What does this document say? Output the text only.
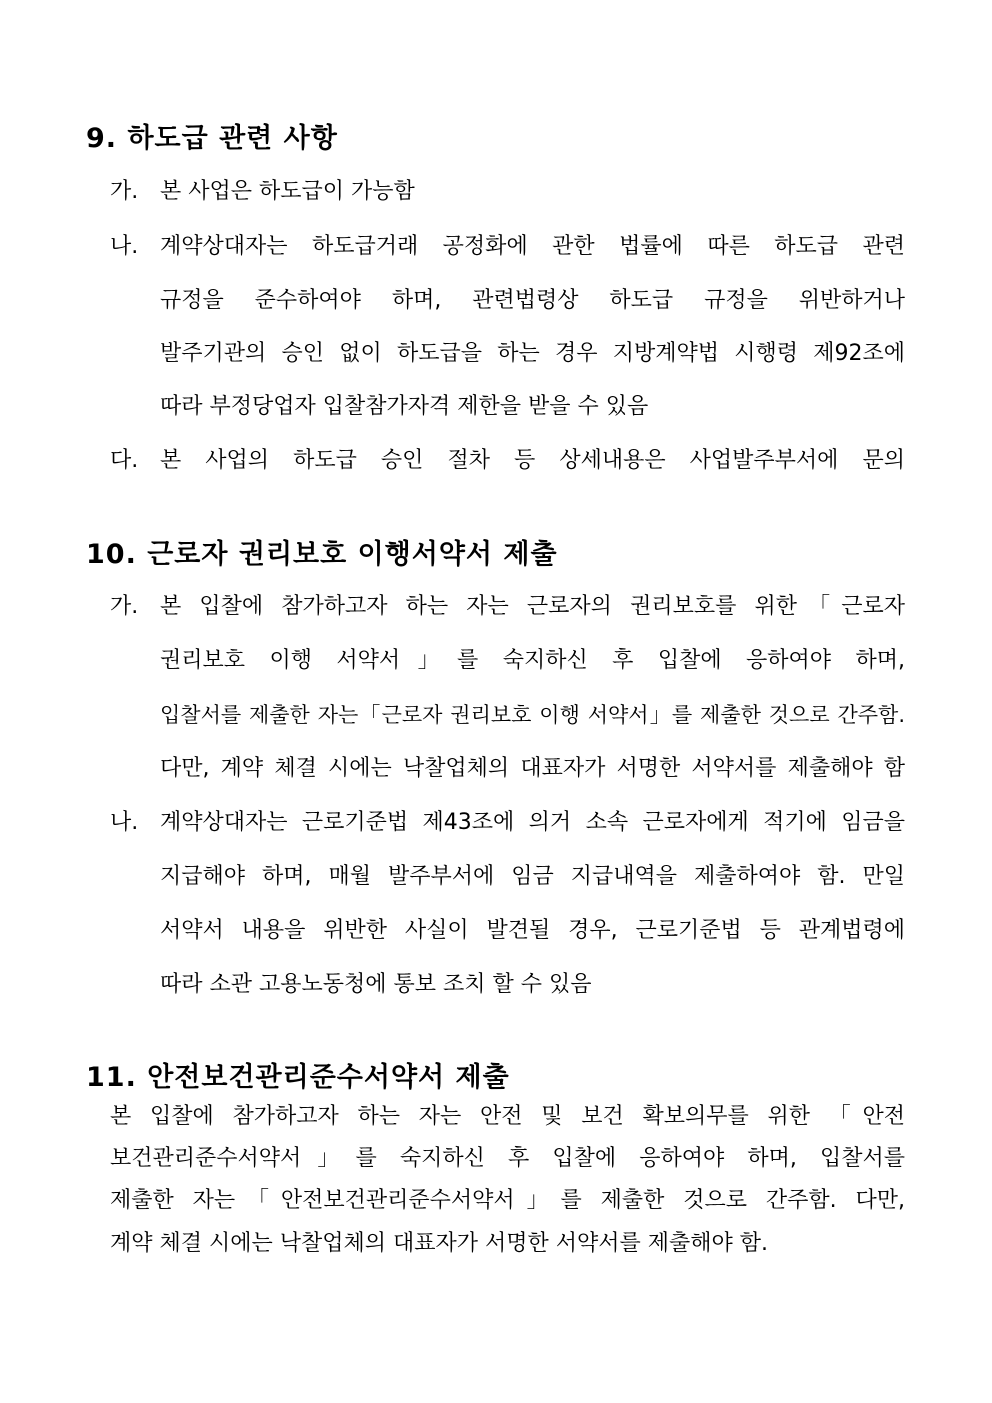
9. 하도급 관련 사항
가. 본 사업은 하도급이 가능함
나. 계약상대자는 하도급거래 공정화에 관한 법률에 따른 하도급 관련
규정을 준수하여야 하며, 관련법령상 하도급 규정을 위반하거나
발주기관의 승인 없이 하도급을 하는 경우 지방계약법 시행령 제92조에
따라 부정당업자 입찰참가자격 제한을 받을 수 있음
다. 본 사업의 하도급 승인 절차 등 상세내용은 사업발주부서에 문의
10. 근로자 권리보호 이행서약서 제출
가. 본 입찰에 참가하고자 하는 자는 근로자의 권리보호를 위한「근로자
권리보호 이행 서약서」를 숙지하신 후 입찰에 응하여야 하며,
입찰서를 제출한 자는「근로자 권리보호 이행 서약서」를 제출한 것으로 간주함.
다만, 계약 체결 시에는 낙찰업체의 대표자가 서명한 서약서를 제출해야 함
나. 계약상대자는 근로기준법 제43조에 의거 소속 근로자에게 적기에 임금을
지급해야 하며, 매월 발주부서에 임금 지급내역을 제출하여야 함. 만일
서약서 내용을 위반한 사실이 발견될 경우, 근로기준법 등 관계법령에
따라 소관 고용노동청에 통보 조치 할 수 있음
11. 안전보건관리준수서약서 제출
본 입찰에 참가하고자 하는 자는 안전 및 보건 확보의무를 위한 「안전
보건관리준수서약서」를 숙지하신 후 입찰에 응하여야 하며, 입찰서를
제출한 자는「안전보건관리준수서약서」를 제출한 것으로 간주함. 다만,
계약 체결 시에는 낙찰업체의 대표자가 서명한 서약서를 제출해야 함.
